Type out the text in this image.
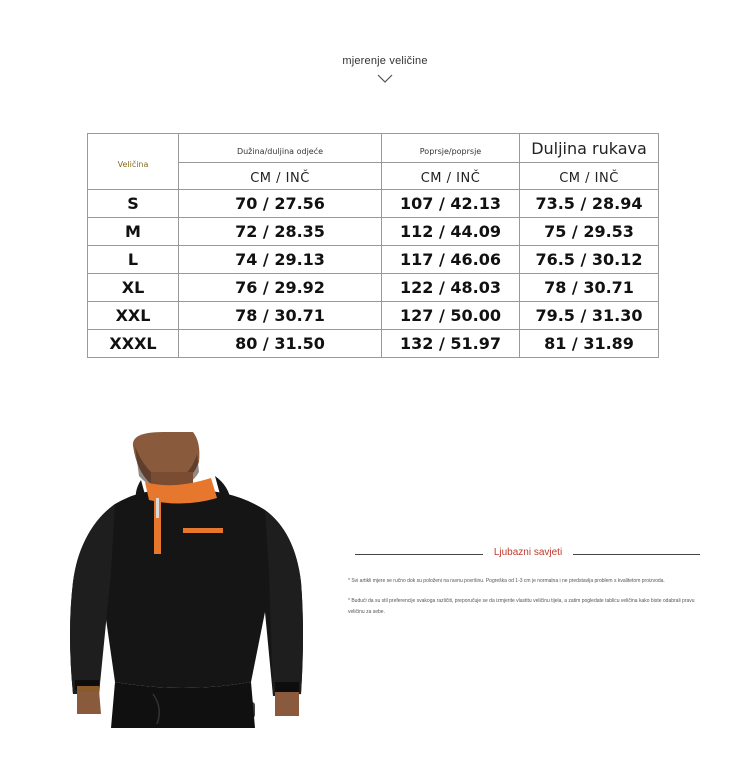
mjerenje veličine
Veličina	Dužina/duljina odjeće	Poprsje/poprsje	Duljina rukava
	CM / INČ	CM / INČ	CM / INČ
S	70 / 27.56	107 / 42.13	73.5 / 28.94
M	72 / 28.35	112 / 44.09	75 / 29.53
L	74 / 29.13	117 / 46.06	76.5 / 30.12
XL	76 / 29.92	122 / 48.03	78 / 30.71
XXL	78 / 30.71	127 / 50.00	79.5 / 31.30
XXXL	80 / 31.50	132 / 51.97	81 / 31.89
Ljubazni savjeti
* Svi artikli mjere se ručno dok su položeni na ravnu površinu. Pogreška od 1-3 cm je normalna i ne predstavlja problem s kvalitetom proizvoda.
* Budući da su stil preferencije svakoga različiti, preporučuje se da izmjerite vlastitu veličinu tijela, a zatim pogledate tablicu veličina kako biste odabrali pravu veličinu za sebe.
